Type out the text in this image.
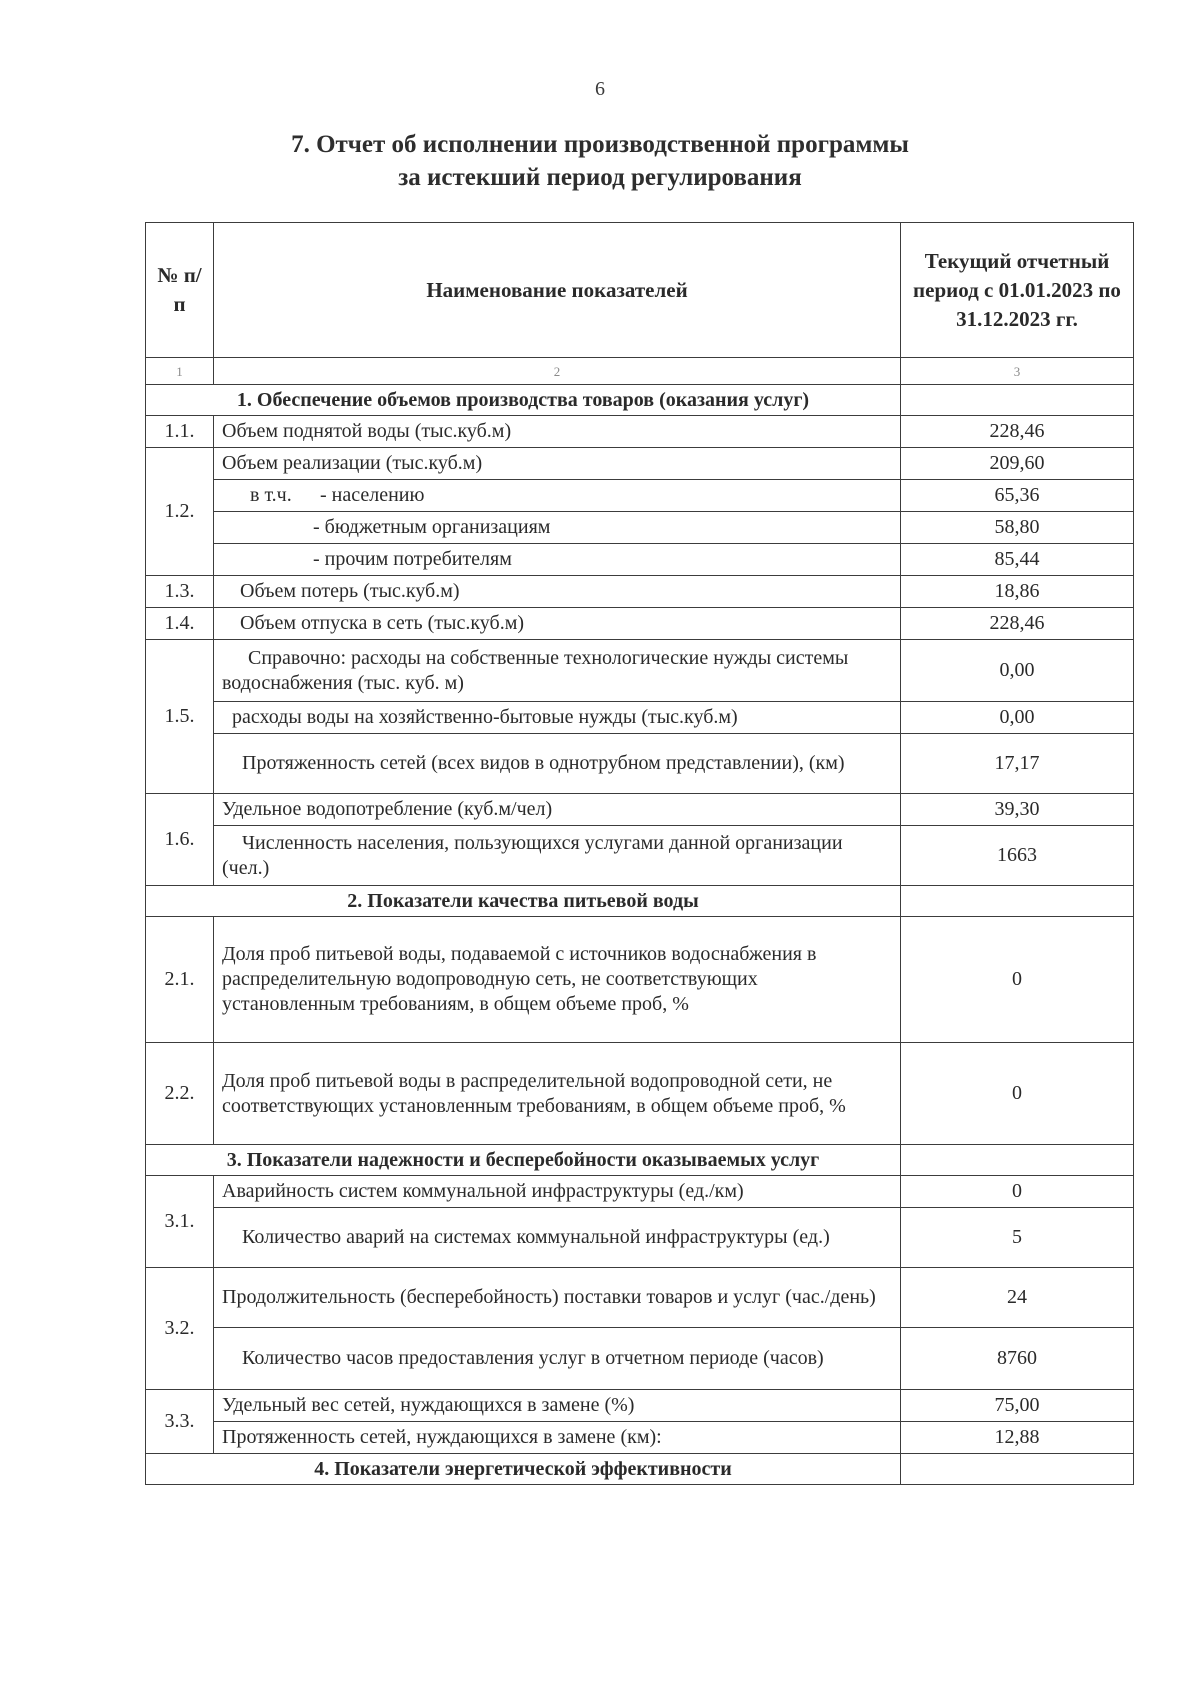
6
7. Отчет об исполнении производственной программы
за истекший период регулирования
№ п/п	Наименование показателей	Текущий отчетный период с 01.01.2023 по 31.12.2023 гг.
1	2	3
1. Обеспечение объемов производства товаров (оказания услуг)		
1.1.	Объем поднятой воды (тыс.куб.м)	228,46
1.2.	Объем реализации (тыс.куб.м)	209,60
	в т.ч. - населению	65,36
	- бюджетным организациям	58,80
	- прочим потребителям	85,44
1.3.	Объем потерь (тыс.куб.м)	18,86
1.4.	Объем отпуска в сеть (тыс.куб.м)	228,46
1.5.	Справочно: расходы на собственные технологические нужды системы водоснабжения (тыс. куб. м)	0,00
	расходы воды на хозяйственно-бытовые нужды (тыс.куб.м)	0,00
	Протяженность сетей (всех видов в однотрубном представлении), (км)	17,17
1.6.	Удельное водопотребление (куб.м/чел)	39,30
	Численность населения, пользующихся услугами данной организации (чел.)	1663
2. Показатели качества питьевой воды		
2.1.	Доля проб питьевой воды, подаваемой с источников водоснабжения в распределительную водопроводную сеть, не соответствующих установленным требованиям, в общем объеме проб, %	0
2.2.	Доля проб питьевой воды в распределительной водопроводной сети, не соответствующих установленным требованиям, в общем объеме проб, %	0
3. Показатели надежности и бесперебойности оказываемых услуг		
3.1.	Аварийность систем коммунальной инфраструктуры (ед./км)	0
	Количество аварий на системах коммунальной инфраструктуры (ед.)	5
3.2.	Продолжительность (бесперебойность) поставки товаров и услуг (час./день)	24
	Количество часов предоставления услуг в отчетном периоде (часов)	8760
3.3.	Удельный вес сетей, нуждающихся в замене (%)	75,00
	Протяженность сетей, нуждающихся в замене (км):	12,88
4. Показатели энергетической эффективности		
